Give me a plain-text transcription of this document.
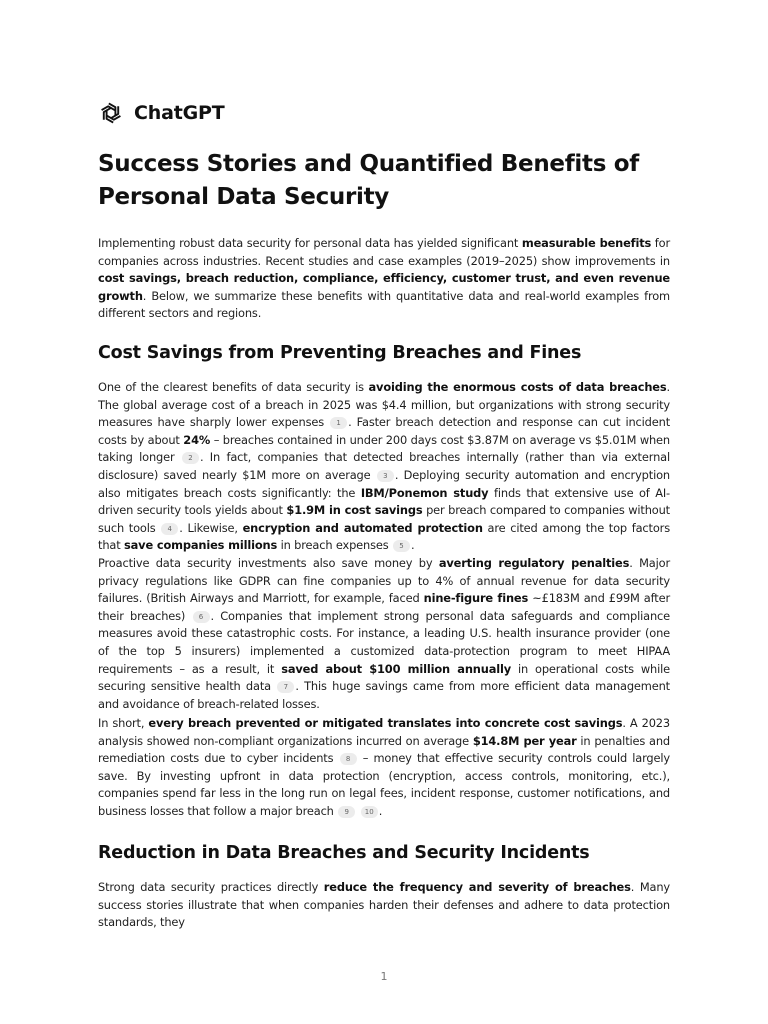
ChatGPT
Success Stories and Quantified Benefits of Personal Data Security

Implementing robust data security for personal data has yielded significant measurable benefits for companies across industries. Recent studies and case examples (2019–2025) show improvements in cost savings, breach reduction, compliance, efficiency, customer trust, and even revenue growth. Below, we summarize these benefits with quantitative data and real-world examples from different sectors and regions.

Cost Savings from Preventing Breaches and Fines

One of the clearest benefits of data security is avoiding the enormous costs of data breaches. The global average cost of a breach in 2025 was $4.4 million, but organizations with strong security measures have sharply lower expenses 1 . Faster breach detection and response can cut incident costs by about 24% – breaches contained in under 200 days cost $3.87M on average vs $5.01M when taking longer 2 . In fact, companies that detected breaches internally (rather than via external disclosure) saved nearly $1M more on average 3 . Deploying security automation and encryption also mitigates breach costs significantly: the IBM/Ponemon study finds that extensive use of AI-driven security tools yields about $1.9M in cost savings per breach compared to companies without such tools 4 . Likewise, encryption and automated protection are cited among the top factors that save companies millions in breach expenses 5 .

Proactive data security investments also save money by averting regulatory penalties. Major privacy regulations like GDPR can fine companies up to 4% of annual revenue for data security failures. (British Airways and Marriott, for example, faced nine-figure fines ~£183M and £99M after their breaches) 6 . Companies that implement strong personal data safeguards and compliance measures avoid these catastrophic costs. For instance, a leading U.S. health insurance provider (one of the top 5 insurers) implemented a customized data-protection program to meet HIPAA requirements – as a result, it saved about $100 million annually in operational costs while securing sensitive health data 7 . This huge savings came from more efficient data management and avoidance of breach-related losses.

In short, every breach prevented or mitigated translates into concrete cost savings. A 2023 analysis showed non-compliant organizations incurred on average $14.8M per year in penalties and remediation costs due to cyber incidents 8 – money that effective security controls could largely save. By investing upfront in data protection (encryption, access controls, monitoring, etc.), companies spend far less in the long run on legal fees, incident response, customer notifications, and business losses that follow a major breach 9 10 .

Reduction in Data Breaches and Security Incidents

Strong data security practices directly reduce the frequency and severity of breaches. Many success stories illustrate that when companies harden their defenses and adhere to data protection standards, they

1
